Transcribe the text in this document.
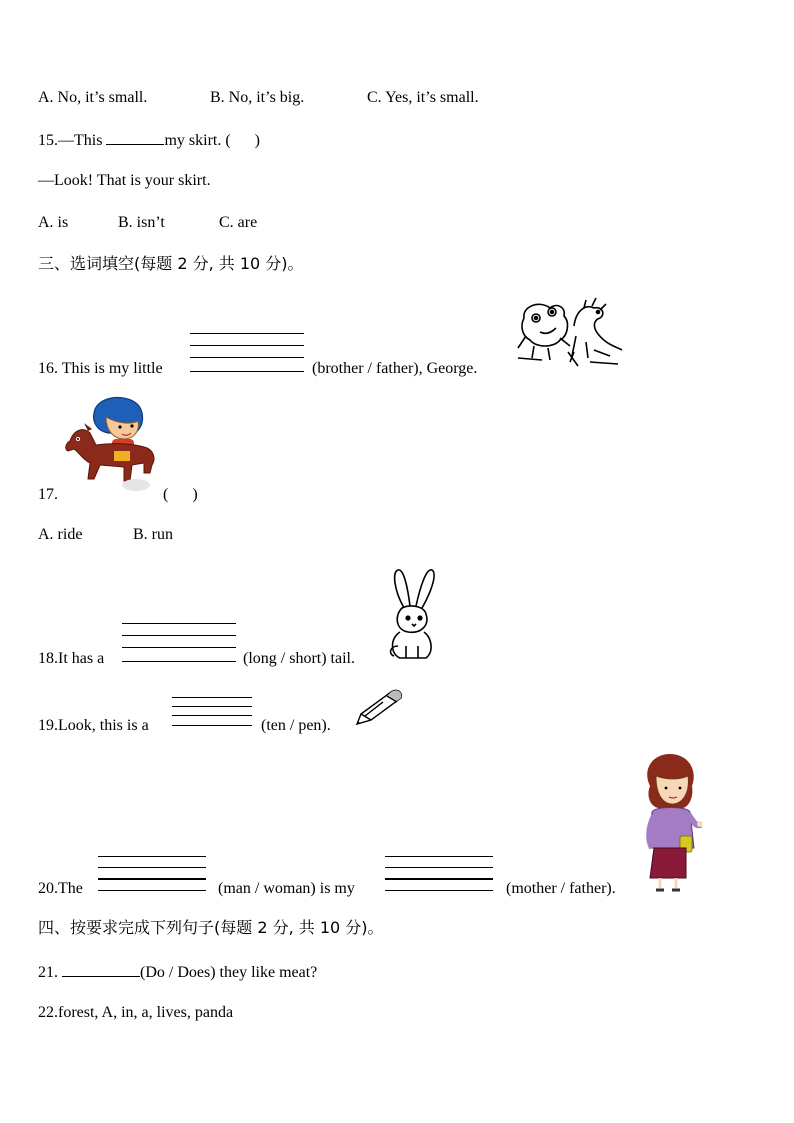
A. No, it’s small.	B. No, it’s big.	C. Yes, it’s small.
15.—This	my skirt. (      )
—Look! That is your skirt.
A. is	B. isn’t	C. are
三、选词填空(每题 2 分, 共 10 分)。
16. This is my little	(brother / father), George.
17.	(      )
A. ride	B. run
18.It has a	(long / short) tail.
19.Look, this is a	(ten / pen).
20.The	(man / woman) is my	(mother / father).
四、按要求完成下列句子(每题 2 分, 共 10 分)。
21.	(Do / Does) they like meat?
22.forest, A, in, a, lives, panda
